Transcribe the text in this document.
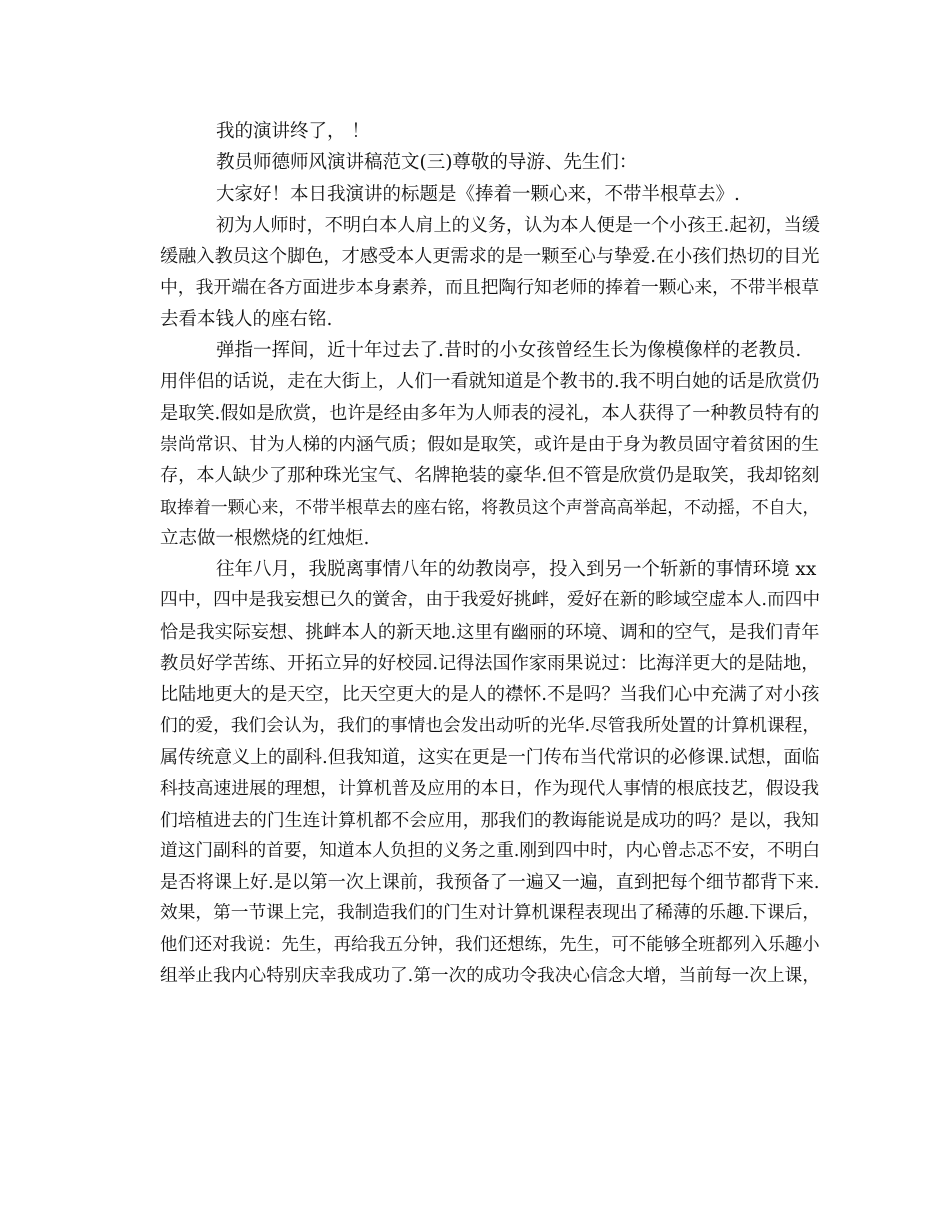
我的演讲终了， ！
教员师德师风演讲稿范文(三)尊敬的导游、先生们：
大家好！本日我演讲的标题是《捧着一颗心来，不带半根草去》.
初为人师时，不明白本人肩上的义务，认为本人便是一个小孩王.起初，当缓
缓融入教员这个脚色，才感受本人更需求的是一颗至心与挚爱.在小孩们热切的目光
中，我开端在各方面进步本身素养，而且把陶行知老师的捧着一颗心来，不带半根草
去看本钱人的座右铭.
弹指一挥间，近十年过去了.昔时的小女孩曾经生长为像模像样的老教员.
用伴侣的话说，走在大街上，人们一看就知道是个教书的.我不明白她的话是欣赏仍
是取笑.假如是欣赏，也许是经由多年为人师表的浸礼，本人获得了一种教员特有的
崇尚常识、甘为人梯的内涵气质；假如是取笑，或许是由于身为教员固守着贫困的生
存，本人缺少了那种珠光宝气、名牌艳装的豪华.但不管是欣赏仍是取笑，我却铭刻
取捧着一颗心来，不带半根草去的座右铭，将教员这个声誉高高举起，不动摇，不自大，
立志做一根燃烧的红烛炬.
往年八月，我脱离事情八年的幼教岗亭，投入到另一个斩新的事情环境 xx
四中，四中是我妄想已久的黉舍，由于我爱好挑衅，爱好在新的畛域空虚本人.而四中
恰是我实际妄想、挑衅本人的新天地.这里有幽丽的环境、调和的空气，是我们青年
教员好学苦练、开拓立异的好校园.记得法国作家雨果说过：比海洋更大的是陆地，
比陆地更大的是天空，比天空更大的是人的襟怀.不是吗？当我们心中充满了对小孩
们的爱，我们会认为，我们的事情也会发出动听的光华.尽管我所处置的计算机课程，
属传统意义上的副科.但我知道，这实在更是一门传布当代常识的必修课.试想，面临
科技高速进展的理想，计算机普及应用的本日，作为现代人事情的根底技艺，假设我
们培植进去的门生连计算机都不会应用，那我们的教诲能说是成功的吗？是以，我知
道这门副科的首要，知道本人负担的义务之重.刚到四中时，内心曾忐忑不安，不明白
是否将课上好.是以第一次上课前，我预备了一遍又一遍，直到把每个细节都背下来.
效果，第一节课上完，我制造我们的门生对计算机课程表现出了稀薄的乐趣.下课后，
他们还对我说：先生，再给我五分钟，我们还想练，先生，可不能够全班都列入乐趣小
组举止我内心特别庆幸我成功了.第一次的成功令我决心信念大增，当前每一次上课，
